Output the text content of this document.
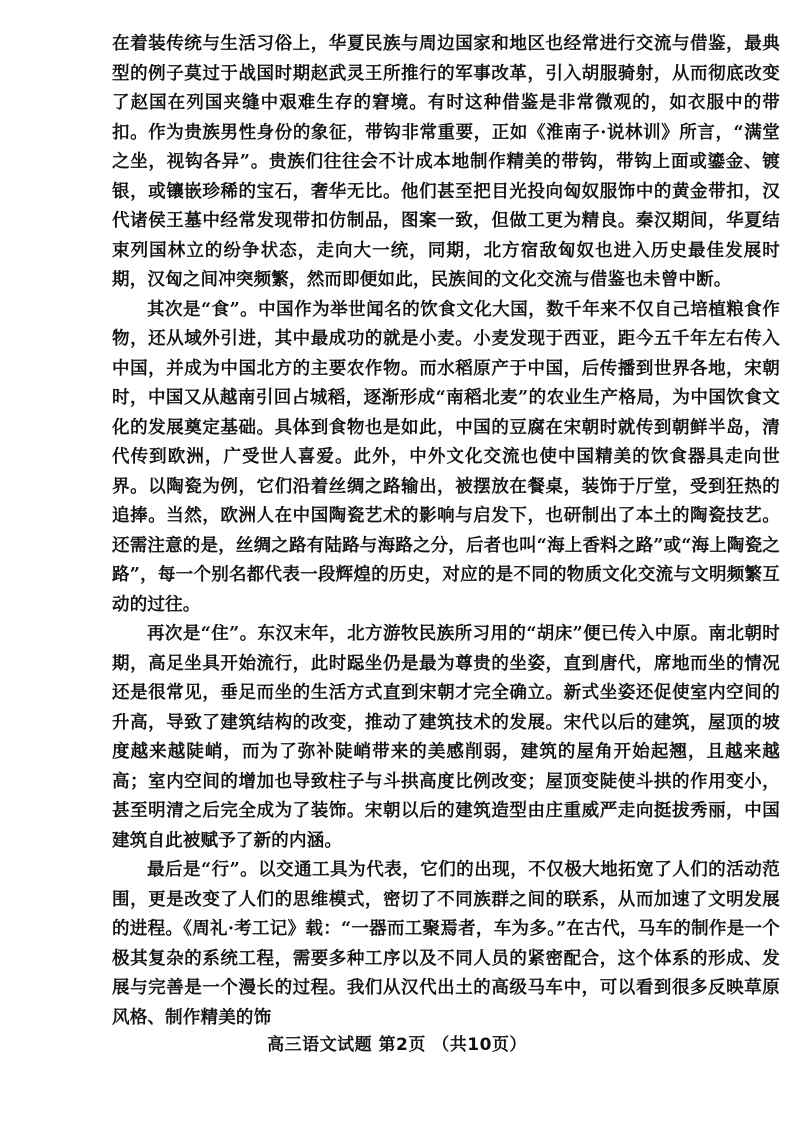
在着装传统与生活习俗上，华夏民族与周边国家和地区也经常进行交流与借鉴，最典型的例子莫过于战国时期赵武灵王所推行的军事改革，引入胡服骑射，从而彻底改变了赵国在列国夹缝中艰难生存的窘境。有时这种借鉴是非常微观的，如衣服中的带扣。作为贵族男性身份的象征，带钩非常重要，正如《淮南子·说林训》所言，“满堂之坐，视钩各异”。贵族们往往会不计成本地制作精美的带钩，带钩上面或鎏金、镀银，或镶嵌珍稀的宝石，奢华无比。他们甚至把目光投向匈奴服饰中的黄金带扣，汉代诸侯王墓中经常发现带扣仿制品，图案一致，但做工更为精良。秦汉期间，华夏结束列国林立的纷争状态，走向大一统，同期，北方宿敌匈奴也进入历史最佳发展时期，汉匈之间冲突频繁，然而即便如此，民族间的文化交流与借鉴也未曾中断。

其次是“食”。中国作为举世闻名的饮食文化大国，数千年来不仅自己培植粮食作物，还从域外引进，其中最成功的就是小麦。小麦发现于西亚，距今五千年左右传入中国，并成为中国北方的主要农作物。而水稻原产于中国，后传播到世界各地，宋朝时，中国又从越南引回占城稻，逐渐形成“南稻北麦”的农业生产格局，为中国饮食文化的发展奠定基础。具体到食物也是如此，中国的豆腐在宋朝时就传到朝鲜半岛，清代传到欧洲，广受世人喜爱。此外，中外文化交流也使中国精美的饮食器具走向世界。以陶瓷为例，它们沿着丝绸之路输出，被摆放在餐桌，装饰于厅堂，受到狂热的追捧。当然，欧洲人在中国陶瓷艺术的影响与启发下，也研制出了本土的陶瓷技艺。还需注意的是，丝绸之路有陆路与海路之分，后者也叫“海上香料之路”或“海上陶瓷之路”，每一个别名都代表一段辉煌的历史，对应的是不同的物质文化交流与文明频繁互动的过往。

再次是“住”。东汉末年，北方游牧民族所习用的“胡床”便已传入中原。南北朝时期，高足坐具开始流行，此时跽坐仍是最为尊贵的坐姿，直到唐代，席地而坐的情况还是很常见，垂足而坐的生活方式直到宋朝才完全确立。新式坐姿还促使室内空间的升高，导致了建筑结构的改变，推动了建筑技术的发展。宋代以后的建筑，屋顶的坡度越来越陡峭，而为了弥补陡峭带来的美感削弱，建筑的屋角开始起翘，且越来越高；室内空间的增加也导致柱子与斗拱高度比例改变；屋顶变陡使斗拱的作用变小，甚至明清之后完全成为了装饰。宋朝以后的建筑造型由庄重威严走向挺拔秀丽，中国建筑自此被赋予了新的内涵。

最后是“行”。以交通工具为代表，它们的出现，不仅极大地拓宽了人们的活动范围，更是改变了人们的思维模式，密切了不同族群之间的联系，从而加速了文明发展的进程。《周礼·考工记》载：“一器而工聚焉者，车为多。”在古代，马车的制作是一个极其复杂的系统工程，需要多种工序以及不同人员的紧密配合，这个体系的形成、发展与完善是一个漫长的过程。我们从汉代出土的高级马车中，可以看到很多反映草原风格、制作精美的饰

高三语文试题 第2页 （共10页）
